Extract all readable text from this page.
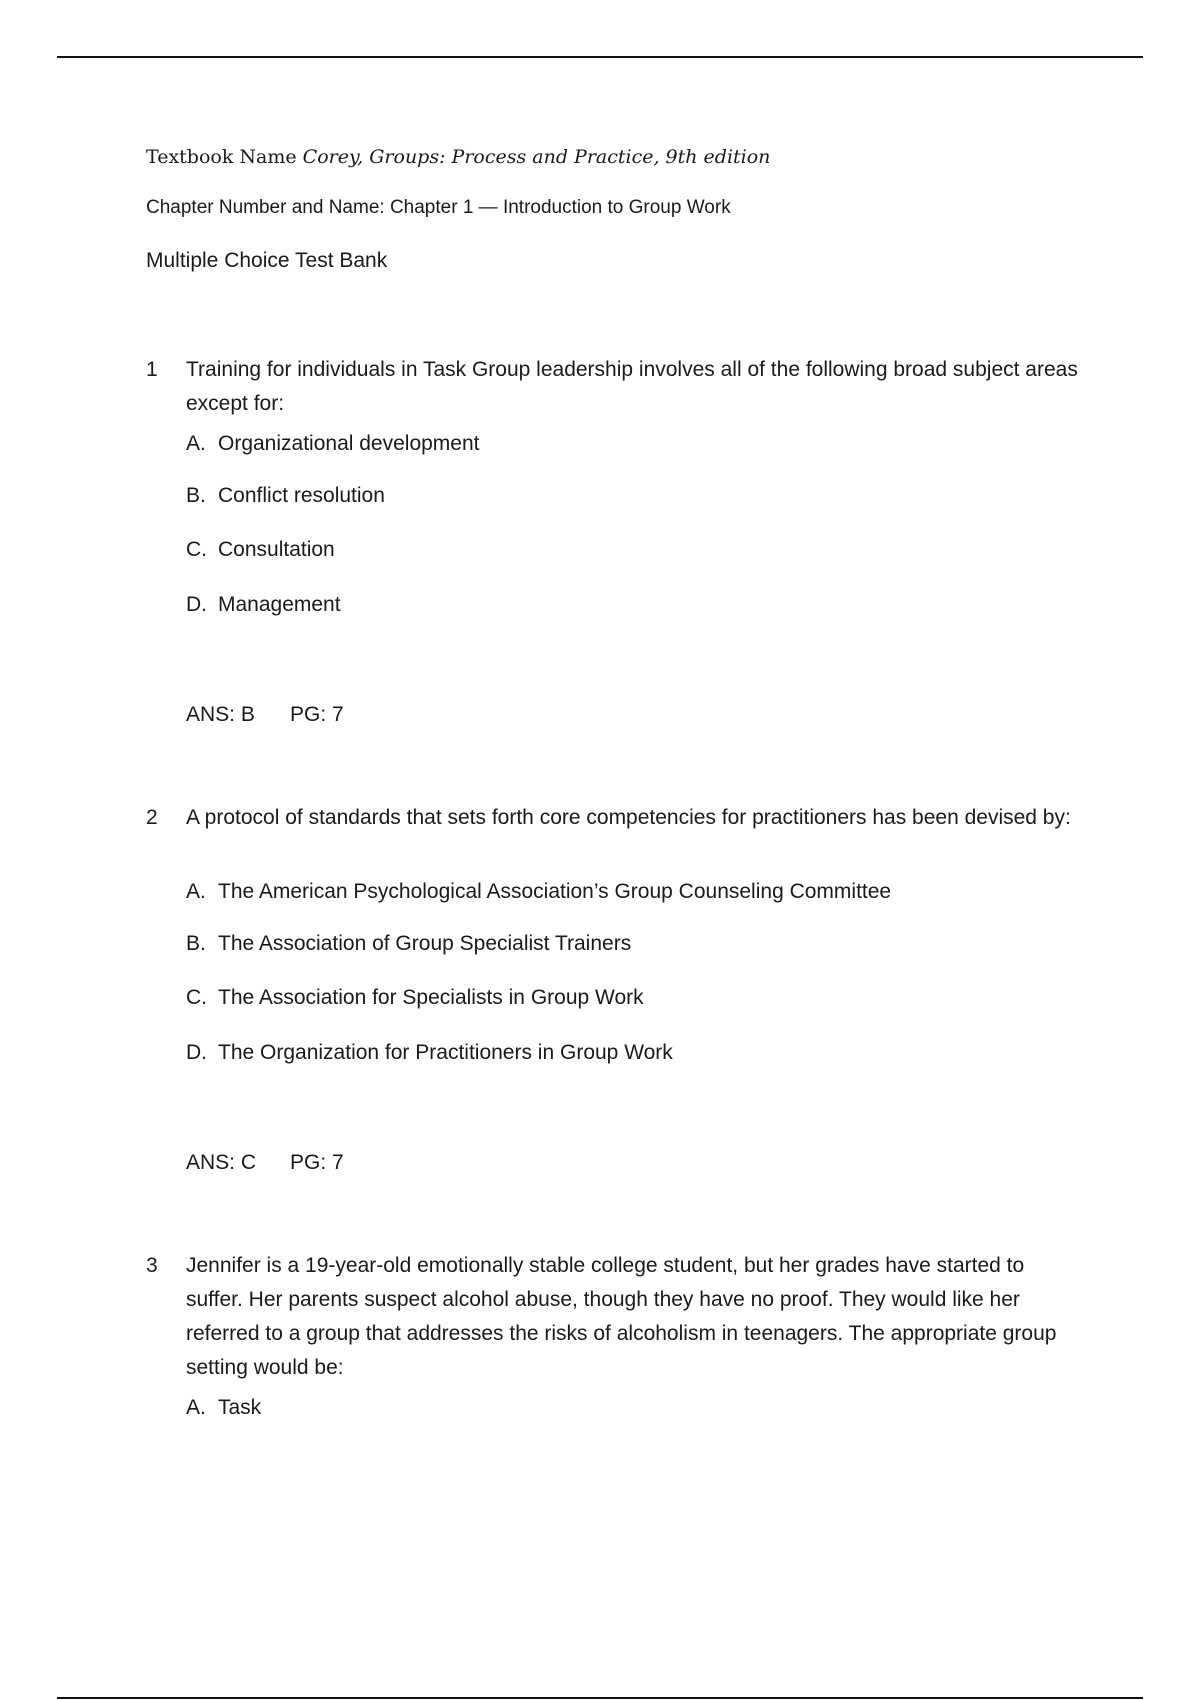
Textbook Name Corey, Groups: Process and Practice, 9th edition
Chapter Number and Name: Chapter 1 — Introduction to Group Work
Multiple Choice Test Bank
1 Training for individuals in Task Group leadership involves all of the following broad subject areas except for:
A. Organizational development
B. Conflict resolution
C. Consultation
D. Management
ANS: B PG: 7
2 A protocol of standards that sets forth core competencies for practitioners has been devised by:
A. The American Psychological Association’s Group Counseling Committee
B. The Association of Group Specialist Trainers
C. The Association for Specialists in Group Work
D. The Organization for Practitioners in Group Work
ANS: C PG: 7
3 Jennifer is a 19-year-old emotionally stable college student, but her grades have started to suffer. Her parents suspect alcohol abuse, though they have no proof. They would like her referred to a group that addresses the risks of alcoholism in teenagers. The appropriate group setting would be:
A. Task
